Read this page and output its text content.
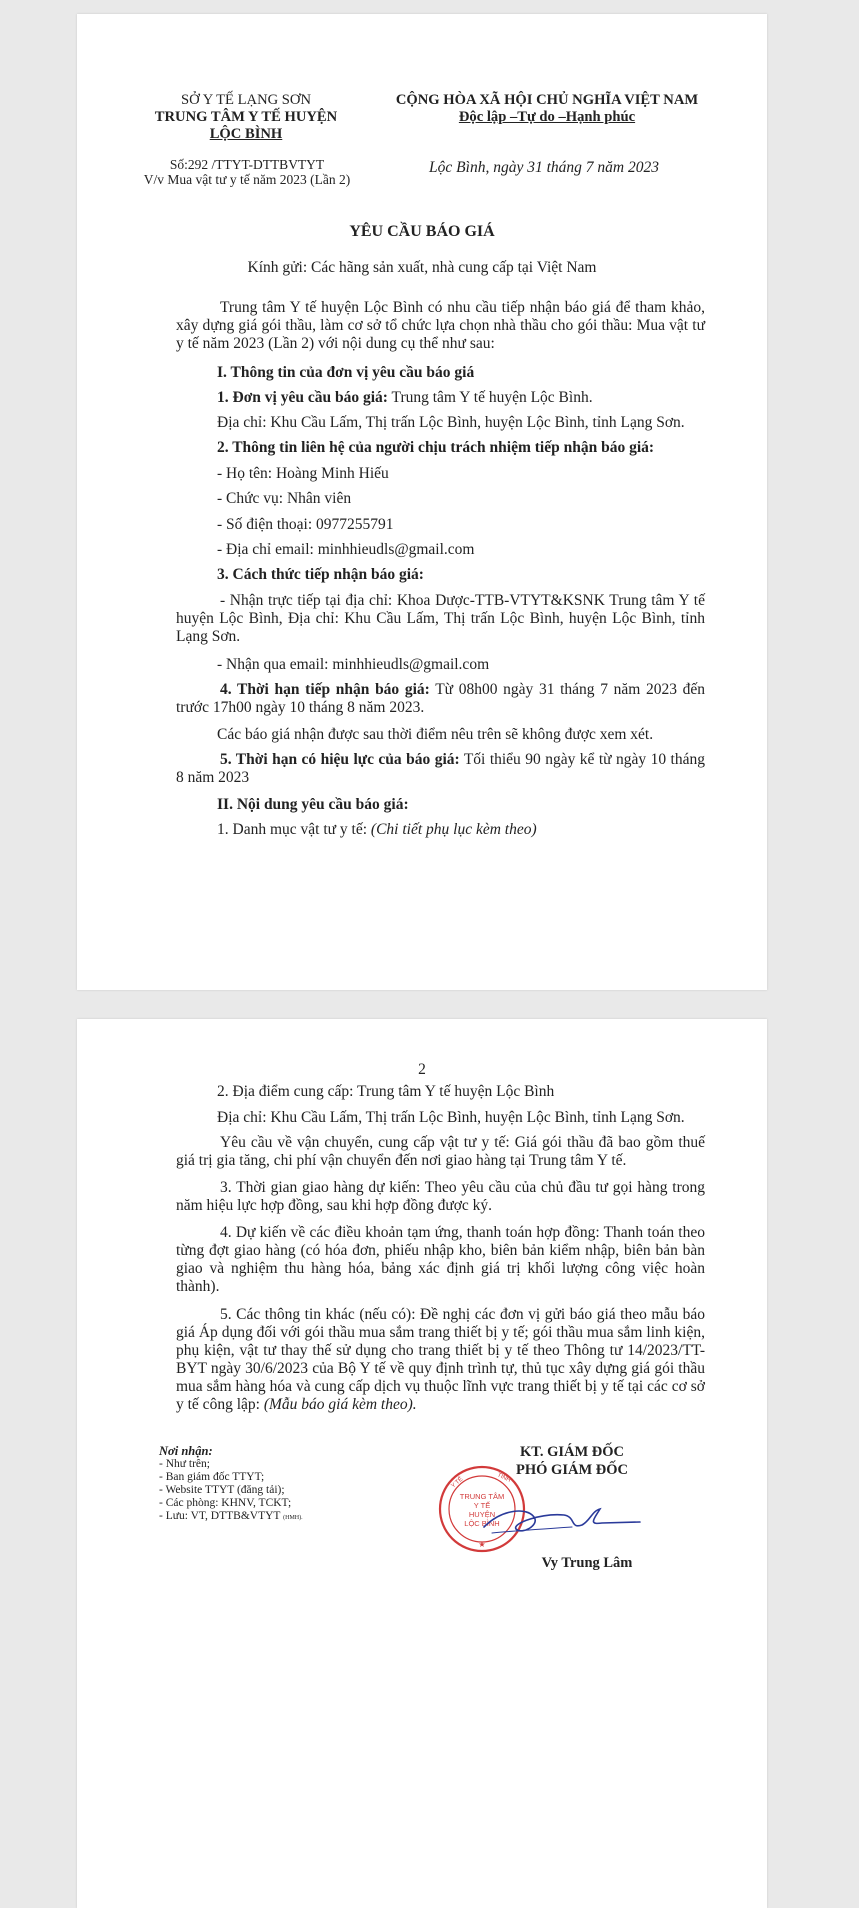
SỞ Y TẾ LẠNG SƠN
TRUNG TÂM Y TẾ HUYỆN
LỘC BÌNH
CỘNG HÒA XÃ HỘI CHỦ NGHĨA VIỆT NAM
Độc lập –Tự do –Hạnh phúc
Số:292 /TTYT-DTTBVTYT
V/v Mua vật tư y tế năm 2023 (Lần 2)
Lộc Bình, ngày 31 tháng 7 năm 2023
YÊU CẦU BÁO GIÁ
Kính gửi: Các hãng sản xuất, nhà cung cấp tại Việt Nam
Trung tâm Y tế huyện Lộc Bình có nhu cầu tiếp nhận báo giá để tham khảo, xây dựng giá gói thầu, làm cơ sở tổ chức lựa chọn nhà thầu cho gói thầu: Mua vật tư y tế năm 2023 (Lần 2) với nội dung cụ thể như sau:
I. Thông tin của đơn vị yêu cầu báo giá
1. Đơn vị yêu cầu báo giá: Trung tâm Y tế huyện Lộc Bình.
Địa chỉ: Khu Cầu Lấm, Thị trấn Lộc Bình, huyện Lộc Bình, tỉnh Lạng Sơn.
2. Thông tin liên hệ của người chịu trách nhiệm tiếp nhận báo giá:
- Họ tên: Hoàng Minh Hiếu
- Chức vụ: Nhân viên
- Số điện thoại: 0977255791
- Địa chỉ email: minhhieudls@gmail.com
3. Cách thức tiếp nhận báo giá:
- Nhận trực tiếp tại địa chỉ: Khoa Dược-TTB-VTYT&KSNK Trung tâm Y tế huyện Lộc Bình, Địa chỉ: Khu Cầu Lấm, Thị trấn Lộc Bình, huyện Lộc Bình, tỉnh Lạng Sơn.
- Nhận qua email: minhhieudls@gmail.com
4. Thời hạn tiếp nhận báo giá: Từ 08h00 ngày 31 tháng 7 năm 2023 đến trước 17h00 ngày 10 tháng 8 năm 2023.
Các báo giá nhận được sau thời điểm nêu trên sẽ không được xem xét.
5. Thời hạn có hiệu lực của báo giá: Tối thiểu 90 ngày kể từ ngày 10 tháng 8 năm 2023
II. Nội dung yêu cầu báo giá:
1. Danh mục vật tư y tế: (Chi tiết phụ lục kèm theo)
2
2. Địa điểm cung cấp: Trung tâm Y tế huyện Lộc Bình
Địa chỉ: Khu Cầu Lấm, Thị trấn Lộc Bình, huyện Lộc Bình, tỉnh Lạng Sơn.
Yêu cầu về vận chuyển, cung cấp vật tư y tế: Giá gói thầu đã bao gồm thuế giá trị gia tăng, chi phí vận chuyển đến nơi giao hàng tại Trung tâm Y tế.
3. Thời gian giao hàng dự kiến: Theo yêu cầu của chủ đầu tư gọi hàng trong năm hiệu lực hợp đồng, sau khi hợp đồng được ký.
4. Dự kiến về các điều khoản tạm ứng, thanh toán hợp đồng: Thanh toán theo từng đợt giao hàng (có hóa đơn, phiếu nhập kho, biên bản kiểm nhập, biên bản bàn giao và nghiệm thu hàng hóa, bảng xác định giá trị khối lượng công việc hoàn thành).
5. Các thông tin khác (nếu có): Đề nghị các đơn vị gửi báo giá theo mẫu báo giá Áp dụng đối với gói thầu mua sắm trang thiết bị y tế; gói thầu mua sắm linh kiện, phụ kiện, vật tư thay thế sử dụng cho trang thiết bị y tế theo Thông tư 14/2023/TT-BYT ngày 30/6/2023 của Bộ Y tế về quy định trình tự, thủ tục xây dựng giá gói thầu mua sắm hàng hóa và cung cấp dịch vụ thuộc lĩnh vực trang thiết bị y tế tại các cơ sở y tế công lập: (Mẫu báo giá kèm theo).
Nơi nhận:
- Như trên;
- Ban giám đốc TTYT;
- Website TTYT (đăng tải);
- Các phòng: KHNV, TCKT;
- Lưu: VT, DTTB&VTYT (HMH).
KT. GIÁM ĐỐC
PHÓ GIÁM ĐỐC
TRUNG TÂM
Y TẾ
HUYỆN
LỘC BÌNH
★
Y TẾ	TỈNH
Vy Trung Lâm
